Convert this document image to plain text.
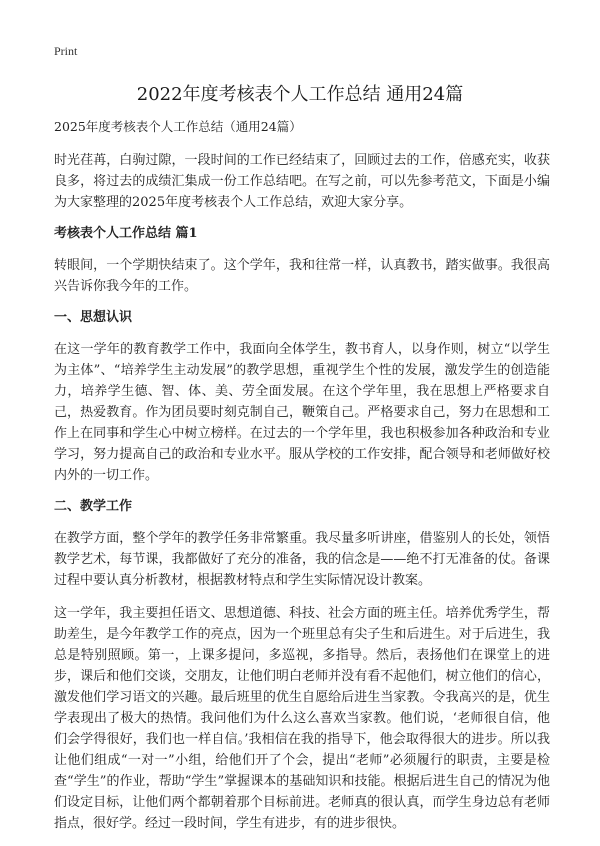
Print
2022年度考核表个人工作总结 通用24篇

2025年度考核表个人工作总结（通用24篇）

时光荏苒，白驹过隙，一段时间的工作已经结束了，回顾过去的工作，倍感充实，收获良多，将过去的成绩汇集成一份工作总结吧。在写之前，可以先参考范文，下面是小编为大家整理的2025年度考核表个人工作总结，欢迎大家分享。

考核表个人工作总结 篇1

转眼间，一个学期快结束了。这个学年，我和往常一样，认真教书，踏实做事。我很高兴告诉你我今年的工作。

一、思想认识

在这一学年的教育教学工作中，我面向全体学生，教书育人，以身作则，树立“以学生为主体”、“培养学生主动发展”的教学思想，重视学生个性的发展，激发学生的创造能力，培养学生德、智、体、美、劳全面发展。在这个学年里，我在思想上严格要求自己，热爱教育。作为团员要时刻克制自己，鞭策自己。严格要求自己，努力在思想和工作上在同事和学生心中树立榜样。在过去的一个学年里，我也积极参加各种政治和专业学习，努力提高自己的政治和专业水平。服从学校的工作安排，配合领导和老师做好校内外的一切工作。

二、教学工作

在教学方面，整个学年的教学任务非常繁重。我尽量多听讲座，借鉴别人的长处，领悟教学艺术，每节课，我都做好了充分的准备，我的信念是——绝不打无准备的仗。备课过程中要认真分析教材，根据教材特点和学生实际情况设计教案。

这一学年，我主要担任语文、思想道德、科技、社会方面的班主任。培养优秀学生，帮助差生，是今年教学工作的亮点，因为一个班里总有尖子生和后进生。对于后进生，我总是特别照顾。第一，上课多提问，多巡视，多指导。然后，表扬他们在课堂上的进步，课后和他们交谈，交朋友，让他们明白老师并没有看不起他们，树立他们的信心，激发他们学习语文的兴趣。最后班里的优生自愿给后进生当家教。令我高兴的是，优生学表现出了极大的热情。我问他们为什么这么喜欢当家教。他们说，‘老师很自信，他们会学得很好，我们也一样自信。’我相信在我的指导下，他会取得很大的进步。所以我让他们组成“一对一”小组，给他们开了个会，提出“老师”必须履行的职责，主要是检查“学生”的作业，帮助“学生”掌握课本的基础知识和技能。根据后进生自己的情况为他们设定目标，让他们两个都朝着那个目标前进。老师真的很认真，而学生身边总有老师指点，很好学。经过一段时间，学生有进步，有的进步很快。
